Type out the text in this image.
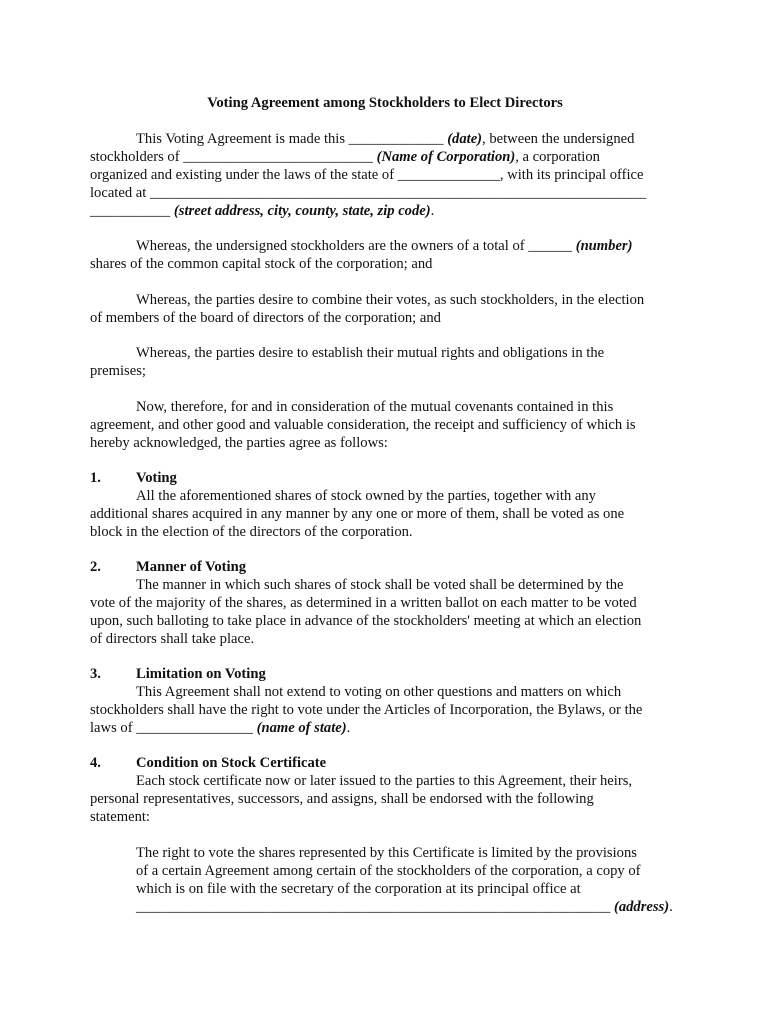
Voting Agreement among Stockholders to Elect Directors
This Voting Agreement is made this _____________ (date), between the undersigned
stockholders of __________________________ (Name of Corporation), a corporation
organized and existing under the laws of the state of ______________, with its principal office
located at ____________________________________________________________________
___________ (street address, city, county, state, zip code).
Whereas, the undersigned stockholders are the owners of a total of ______ (number)
shares of the common capital stock of the corporation; and
Whereas, the parties desire to combine their votes, as such stockholders, in the election
of members of the board of directors of the corporation; and
Whereas, the parties desire to establish their mutual rights and obligations in the
premises;
Now, therefore, for and in consideration of the mutual covenants contained in this
agreement, and other good and valuable consideration, the receipt and sufficiency of which is
hereby acknowledged, the parties agree as follows:
1. Voting
All the aforementioned shares of stock owned by the parties, together with any
additional shares acquired in any manner by any one or more of them, shall be voted as one
block in the election of the directors of the corporation.
2. Manner of Voting
The manner in which such shares of stock shall be voted shall be determined by the
vote of the majority of the shares, as determined in a written ballot on each matter to be voted
upon, such balloting to take place in advance of the stockholders' meeting at which an election
of directors shall take place.
3. Limitation on Voting
This Agreement shall not extend to voting on other questions and matters on which
stockholders shall have the right to vote under the Articles of Incorporation, the Bylaws, or the
laws of ________________ (name of state).
4. Condition on Stock Certificate
Each stock certificate now or later issued to the parties to this Agreement, their heirs,
personal representatives, successors, and assigns, shall be endorsed with the following
statement:
The right to vote the shares represented by this Certificate is limited by the provisions
of a certain Agreement among certain of the stockholders of the corporation, a copy of
which is on file with the secretary of the corporation at its principal office at
_________________________________________________________________ (address).
